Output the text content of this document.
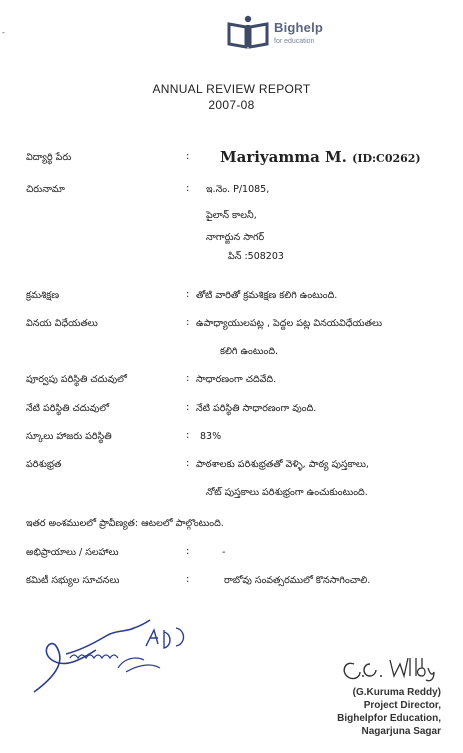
-	Bighelp
for education
ANNUAL REVIEW REPORT
2007-08
విద్యార్థి పేరు	: Mariyamma M. (ID:C0262)
చిరునామా	: ఇ.నెం. P/1085,
పైలాన్ కాలనీ,
నాగార్జున సాగర్
పిన్ :508203
క్రమశిక్షణ	: తోటి వారితో క్రమశిక్షణ కలిగి ఉంటుంది.
వినయ విధేయతలు	: ఉపాధ్యాయులపట్ల , పెద్దల పట్ల వినయవిధేయతలు
కలిగి ఉంటుంది.
పూర్వపు పరిస్థితి చదువులో	: సాధారణంగా చదివేది.
నేటి పరిస్థితి చదువులో	: నేటి పరిస్థితి సాధారణంగా వుంది.
స్కూలు హాజరు పరిస్థితి	: 83%
పరిశుభ్రత	: పాఠశాలకు పరిశుభ్రతతో వెళ్ళి, పాఠ్య పుస్తకాలు,
నోట్ పుస్తకాలు పరిశుభ్రంగా ఉంచుకుంటుంది.
ఇతర అంశములలో ప్రావీణ్యత: ఆటలలో పాల్గొంటుంది.
అభిప్రాయాలు / సలహాలు	:	-
కమిటీ సభ్యుల సూచనలు	:	రాబోవు సంవత్సరములో కొనసాగించాలి.
(G.Kuruma Reddy)
Project Director,
Bighelpfor Education,
Nagarjuna Sagar
